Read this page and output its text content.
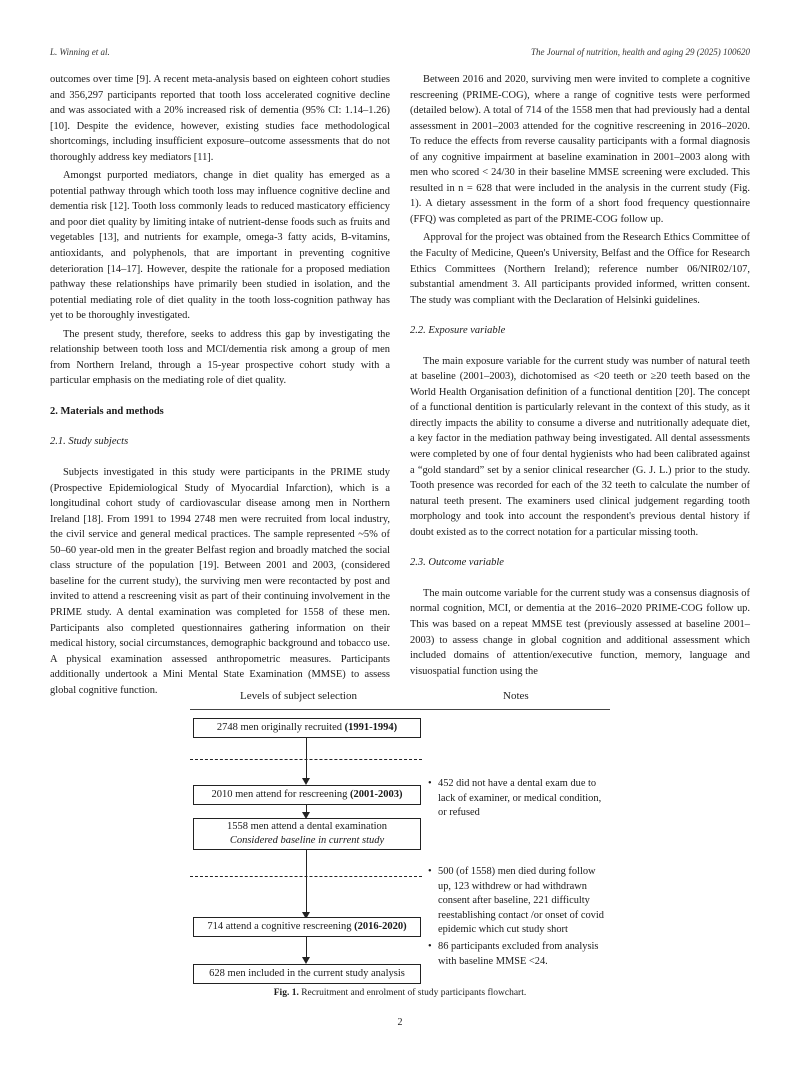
L. Winning et al.	The Journal of nutrition, health and aging 29 (2025) 100620

outcomes over time [9]. A recent meta-analysis based on eighteen cohort studies and 356,297 participants reported that tooth loss accelerated cognitive decline and was associated with a 20% increased risk of dementia (95% CI: 1.14–1.26) [10]. Despite the evidence, however, existing studies face methodological shortcomings, including insufficient exposure–outcome assessments that do not thoroughly address key mediators [11].

Amongst purported mediators, change in diet quality has emerged as a potential pathway through which tooth loss may influence cognitive decline and dementia risk [12]. Tooth loss commonly leads to reduced masticatory efficiency and poor diet quality by limiting intake of nutrient-dense foods such as fruits and vegetables [13], and nutrients for example, omega-3 fatty acids, B-vitamins, antioxidants, and polyphenols, that are important in preventing cognitive deterioration [14–17]. However, despite the rationale for a proposed mediation pathway these relationships have primarily been studied in isolation, and the potential mediating role of diet quality in the tooth loss-cognition pathway has yet to be thoroughly investigated.

The present study, therefore, seeks to address this gap by investigating the relationship between tooth loss and MCI/dementia risk among a group of men from Northern Ireland, through a 15-year prospective cohort study with a particular emphasis on the mediating role of diet quality.

2. Materials and methods
2.1. Study subjects

Subjects investigated in this study were participants in the PRIME study (Prospective Epidemiological Study of Myocardial Infarction), which is a longitudinal cohort study of cardiovascular disease among men in Northern Ireland [18]. From 1991 to 1994 2748 men were recruited from local industry, the civil service and general medical practices. The sample represented ~5% of 50–60 year-old men in the greater Belfast region and broadly matched the social class structure of the population [19]. Between 2001 and 2003, (considered baseline for the current study), the surviving men were recontacted by post and invited to attend a rescreening visit as part of their continuing involvement in the PRIME study. A dental examination was completed for 1558 of these men. Participants also completed questionnaires gathering information on their medical history, social circumstances, demographic background and tobacco use. A physical examination assessed anthropometric measures. Participants additionally undertook a Mini Mental State Examination (MMSE) to assess global cognitive function.

Between 2016 and 2020, surviving men were invited to complete a cognitive rescreening (PRIME-COG), where a range of cognitive tests were performed (detailed below). A total of 714 of the 1558 men that had previously had a dental assessment in 2001–2003 attended for the cognitive rescreening in 2016–2020. To reduce the effects from reverse causality participants with a formal diagnosis of any cognitive impairment at baseline examination in 2001–2003 along with men who scored < 24/30 in their baseline MMSE screening were excluded. This resulted in n = 628 that were included in the analysis in the current study (Fig. 1). A dietary assessment in the form of a short food frequency questionnaire (FFQ) was completed as part of the PRIME-COG follow up.

Approval for the project was obtained from the Research Ethics Committee of the Faculty of Medicine, Queen's University, Belfast and the Office for Research Ethics Committees (Northern Ireland); reference number 06/NIR02/107, substantial amendment 3. All participants provided informed, written consent. The study was compliant with the Declaration of Helsinki guidelines.

2.2. Exposure variable

The main exposure variable for the current study was number of natural teeth at baseline (2001–2003), dichotomised as <20 teeth or ≥20 teeth based on the World Health Organisation definition of a functional dentition [20]. The concept of a functional dentition is particularly relevant in the context of this study, as it directly impacts the ability to consume a diverse and nutritionally adequate diet, a key factor in the mediation pathway being investigated. All dental assessments were completed by one of four dental hygienists who had been calibrated against a “gold standard” set by a senior clinical researcher (G. J. L.) prior to the study. Tooth presence was recorded for each of the 32 teeth to calculate the number of natural teeth present. The examiners used clinical judgement regarding tooth morphology and took into account the respondent's previous dental history if doubt existed as to the correct notation for a particular missing tooth.

2.3. Outcome variable

The main outcome variable for the current study was a consensus diagnosis of normal cognition, MCI, or dementia at the 2016–2020 PRIME-COG follow up. This was based on a repeat MMSE test (previously assessed at baseline 2001–2003) to assess change in global cognition and additional assessment which included domains of attention/executive function, memory, language and visuospatial function using the

Levels of subject selection	Notes
2748 men originally recruited (1991-1994)
2010 men attend for rescreening (2001-2003)
1558 men attend a dental examination
Considered baseline in current study
714 attend a cognitive rescreening (2016-2020)
628 men included in the current study analysis
• 452 did not have a dental exam due to lack of examiner, or medical condition, or refused
• 500 (of 1558) men died during follow up, 123 withdrew or had withdrawn consent after baseline, 221 difficulty reestablishing contact /or onset of covid epidemic which cut study short
• 86 participants excluded from analysis with baseline MMSE <24.
Fig. 1. Recruitment and enrolment of study participants flowchart.
2
